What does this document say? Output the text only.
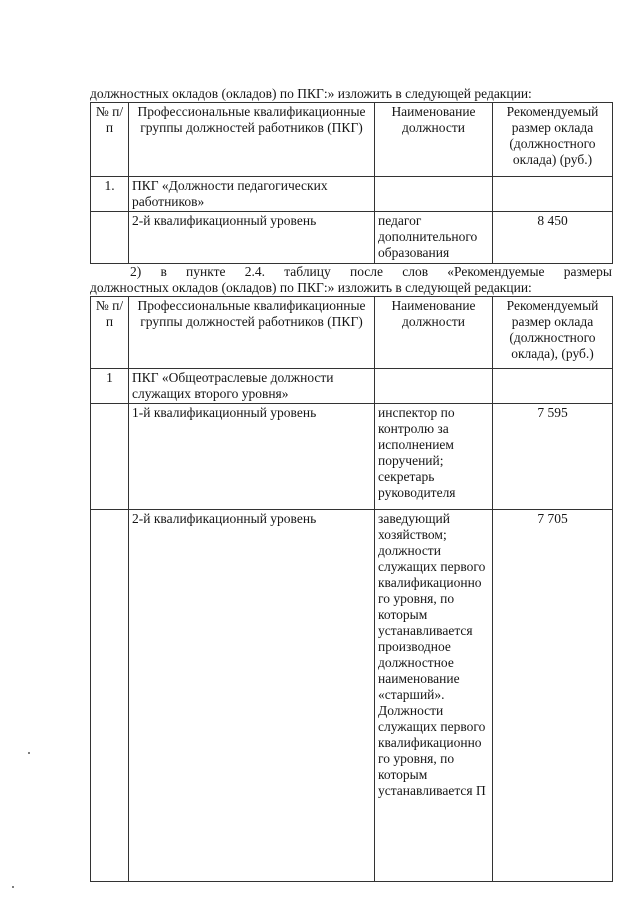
должностных окладов (окладов) по ПКГ:» изложить в следующей редакции:
№ п/п	Профессиональные квалификационные группы должностей работников (ПКГ)	Наименование должности	Рекомендуемый размер оклада (должностного оклада) (руб.)
1.	ПКГ «Должности педагогических работников»		
	2-й квалификационный уровень	педагог дополнительного образования	8 450
2) в пункте 2.4. таблицу после слов «Рекомендуемые размеры
должностных окладов (окладов) по ПКГ:» изложить в следующей редакции:
№ п/п	Профессиональные квалификационные группы должностей работников (ПКГ)	Наименование должности	Рекомендуемый размер оклада (должностного оклада), (руб.)
1	ПКГ «Общеотраслевые должности служащих второго уровня»		
	1-й квалификационный уровень	инспектор по контролю за исполнением поручений; секретарь руководителя	7 595
	2-й квалификационный уровень	заведующий хозяйством; должности служащих первого квалификационно го уровня, по которым устанавливается производное должностное наименование «старший». Должности служащих первого квалификационно го уровня, по которым устанавливается П	7 705
